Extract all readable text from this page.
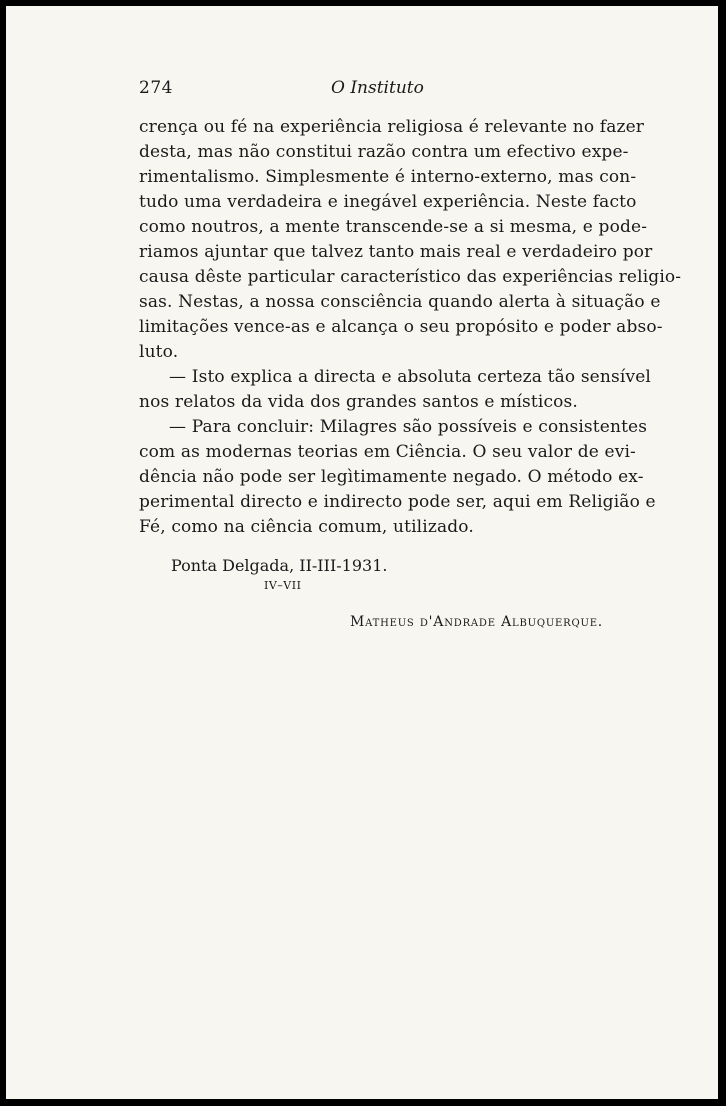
274	O Instituto

crença ou fé na experiência religiosa é relevante no fazer
desta, mas não constitui razão contra um efectivo expe-
rimentalismo. Simplesmente é interno-externo, mas con-
tudo uma verdadeira e inegável experiência. Neste facto
como noutros, a mente transcende-se a si mesma, e pode-
riamos ajuntar que talvez tanto mais real e verdadeiro por
causa dêste particular característico das experiências religio-
sas. Nestas, a nossa consciência quando alerta à situação e
limitações vence-as e alcança o seu propósito e poder abso-
luto.

— Isto explica a directa e absoluta certeza tão sensível
nos relatos da vida dos grandes santos e místicos.

— Para concluir: Milagres são possíveis e consistentes
com as modernas teorias em Ciência. O seu valor de evi-
dência não pode ser legìtimamente negado. O método ex-
perimental directo e indirecto pode ser, aqui em Religião e
Fé, como na ciência comum, utilizado.

Ponta Delgada, II-III-1931.
IV–VII
Matheus d'Andrade Albuquerque.
